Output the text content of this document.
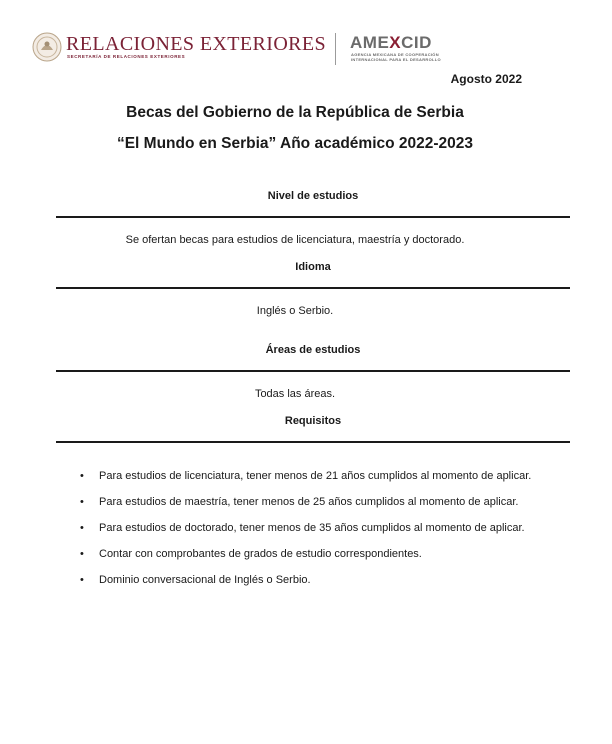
RELACIONES EXTERIORES
SECRETARÍA DE RELACIONES EXTERIORES
AMEXCID
AGENCIA MEXICANA DE COOPERACIÓN INTERNACIONAL PARA EL DESARROLLO
Agosto 2022
Becas del Gobierno de la República de Serbia
“El Mundo en Serbia” Año académico 2022-2023
Nivel de estudios
Se ofertan becas para estudios de licenciatura, maestría y doctorado.
Idioma
Inglés o Serbio.
Áreas de estudios
Todas las áreas.
Requisitos
• Para estudios de licenciatura, tener menos de 21 años cumplidos al momento de aplicar.
• Para estudios de maestría, tener menos de 25 años cumplidos al momento de aplicar.
• Para estudios de doctorado, tener menos de 35 años cumplidos al momento de aplicar.
• Contar con comprobantes de grados de estudio correspondientes.
• Dominio conversacional de Inglés o Serbio.
